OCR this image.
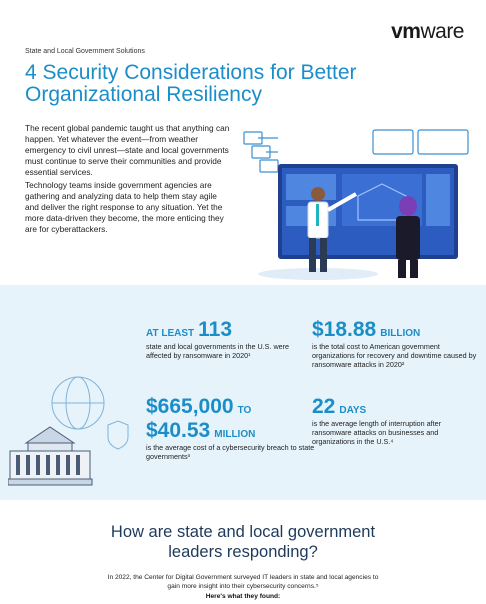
vmware
State and Local Government Solutions
4 Security Considerations for Better Organizational Resiliency
The recent global pandemic taught us that anything can happen. Yet whatever the event—from weather emergency to civil unrest—state and local governments must continue to serve their communities and provide essential services.
Technology teams inside government agencies are gathering and analyzing data to help them stay agile and deliver the right response to any situation. Yet the more data-driven they become, the more enticing they are for cyberattackers.
AT LEAST 113
state and local governments in the U.S. were affected by ransomware in 2020¹
$18.88 BILLION
is the total cost to American government organizations for recovery and downtime caused by ransomware attacks in 2020²
$665,000 TO
$40.53 MILLION
is the average cost of a cybersecurity breach to state governments³
22 DAYS
is the average length of interruption after ransomware attacks on businesses and organizations in the U.S.⁴
How are state and local government leaders responding?
In 2022, the Center for Digital Government surveyed IT leaders in state and local agencies to gain more insight into their cybersecurity concerns.⁵
Here's what they found:
